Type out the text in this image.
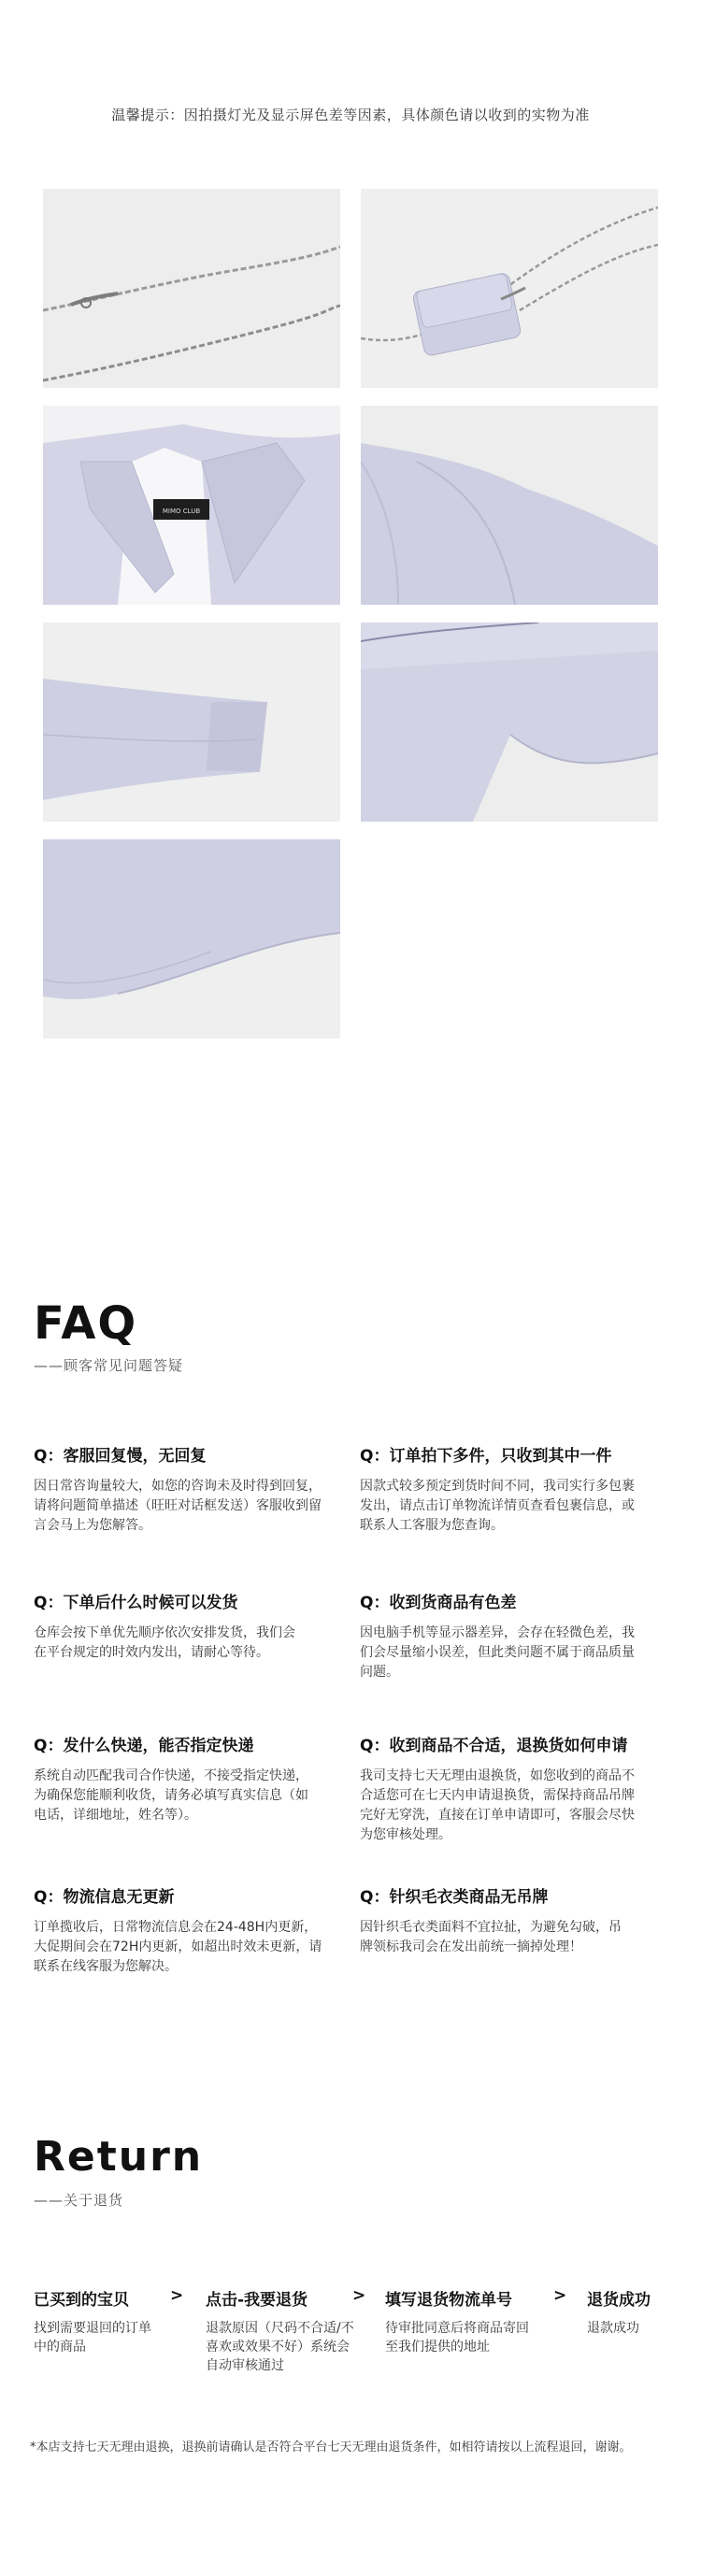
温馨提示：因拍摄灯光及显示屏色差等因素，具体颜色请以收到的实物为准
MIMO CLUB
FAQ
——顾客常见问题答疑
Q：客服回复慢，无回复
因日常咨询量较大，如您的咨询未及时得到回复，请将问题简单描述（旺旺对话框发送）客服收到留言会马上为您解答。
Q：订单拍下多件，只收到其中一件
因款式较多预定到货时间不同，我司实行多包裹发出，请点击订单物流详情页查看包裹信息，或联系人工客服为您查询。
Q：下单后什么时候可以发货
仓库会按下单优先顺序依次安排发货，我们会在平台规定的时效内发出，请耐心等待。
Q：收到货商品有色差
因电脑手机等显示器差异，会存在轻微色差，我们会尽量缩小误差，但此类问题不属于商品质量问题。
Q：发什么快递，能否指定快递
系统自动匹配我司合作快递，不接受指定快递，为确保您能顺利收货，请务必填写真实信息（如电话，详细地址，姓名等）。
Q：收到商品不合适，退换货如何申请
我司支持七天无理由退换货，如您收到的商品不合适您可在七天内申请退换货，需保持商品吊牌完好无穿洗，直接在订单申请即可，客服会尽快为您审核处理。
Q：物流信息无更新
订单揽收后，日常物流信息会在24-48H内更新，大促期间会在72H内更新，如超出时效未更新，请联系在线客服为您解决。
Q：针织毛衣类商品无吊牌
因针织毛衣类面料不宜拉扯，为避免勾破，吊牌领标我司会在发出前统一摘掉处理！
Return
——关于退货
已买到的宝贝	> 点击-我要退货	> 填写退货物流单号	> 退货成功
找到需要退回的订单中的商品
退款原因（尺码不合适/不喜欢或效果不好）系统会自动审核通过
待审批同意后将商品寄回至我们提供的地址
退款成功
*本店支持七天无理由退换，退换前请确认是否符合平台七天无理由退货条件，如相符请按以上流程退回，谢谢。
